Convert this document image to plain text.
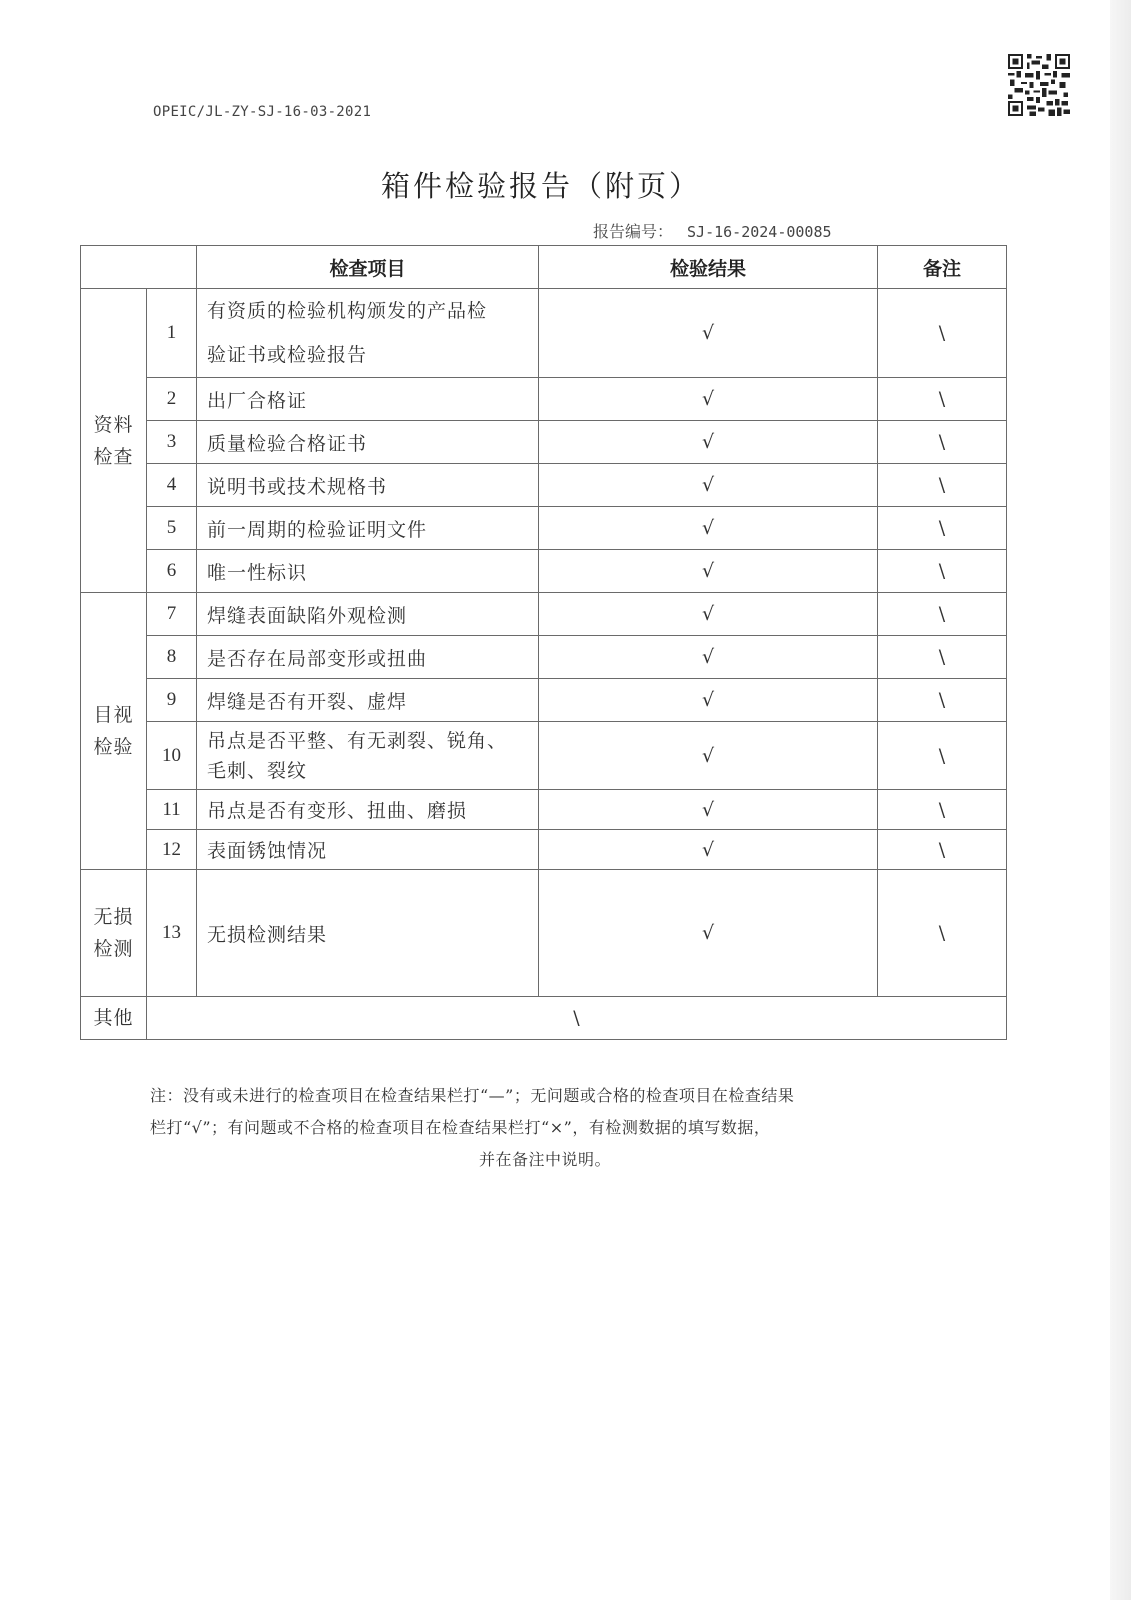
OPEIC/JL-ZY-SJ-16-03-2021
箱件检验报告（附页）
报告编号： SJ-16-2024-00085
		检查项目	检验结果	备注

资料
检查	1	有资质的检验机构颁发的产品检
验证书或检验报告	√	\
	2	出厂合格证	√	\
	3	质量检验合格证书	√	\
	4	说明书或技术规格书	√	\
	5	前一周期的检验证明文件	√	\
	6	唯一性标识	√	\

目视
检验	7	焊缝表面缺陷外观检测	√	\
	8	是否存在局部变形或扭曲	√	\
	9	焊缝是否有开裂、虚焊	√	\
	10	吊点是否平整、有无剥裂、锐角、
毛刺、裂纹	√	\
	11	吊点是否有变形、扭曲、磨损	√	\
	12	表面锈蚀情况	√	\

无损
检测	13	无损检测结果	√	\
其他	\			
注：没有或未进行的检查项目在检查结果栏打“—”；无问题或合格的检查项目在检查结果
栏打“√”；有问题或不合格的检查项目在检查结果栏打“×”，有检测数据的填写数据，
并在备注中说明。
